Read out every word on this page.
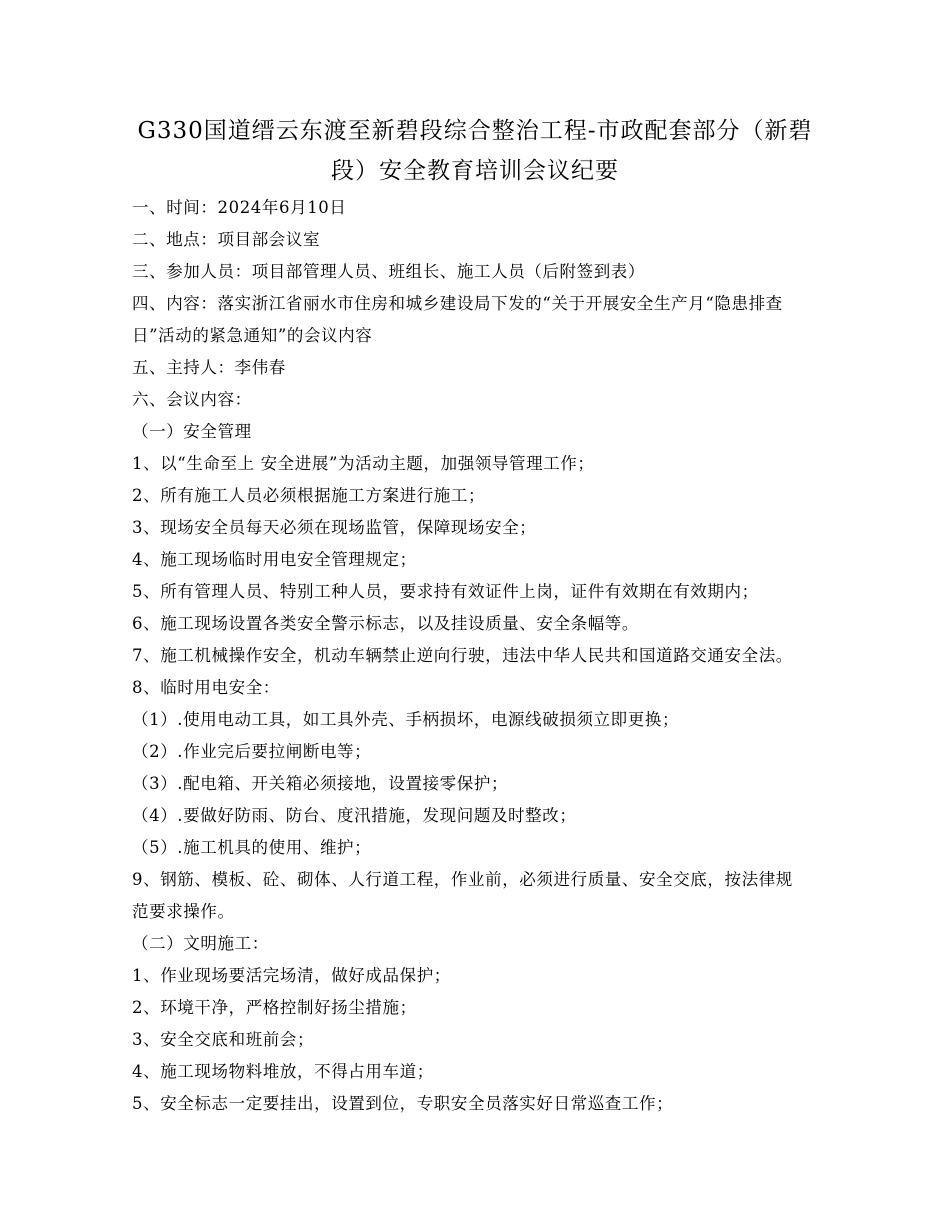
G330国道缙云东渡至新碧段综合整治工程-市政配套部分（新碧
段）安全教育培训会议纪要
一、时间：2024年6月10日
二、地点：项目部会议室
三、参加人员：项目部管理人员、班组长、施工人员（后附签到表）
四、内容：落实浙江省丽水市住房和城乡建设局下发的“关于开展安全生产月“隐患排查
日”活动的紧急通知”的会议内容
五、主持人：李伟春
六、会议内容：
（一）安全管理
1、以“生命至上 安全进展”为活动主题，加强领导管理工作；
2、所有施工人员必须根据施工方案进行施工；
3、现场安全员每天必须在现场监管，保障现场安全；
4、施工现场临时用电安全管理规定；
5、所有管理人员、特别工种人员，要求持有效证件上岗，证件有效期在有效期内；
6、施工现场设置各类安全警示标志，以及挂设质量、安全条幅等。
7、施工机械操作安全，机动车辆禁止逆向行驶，违法中华人民共和国道路交通安全法。
8、临时用电安全：
（1）.使用电动工具，如工具外壳、手柄损坏，电源线破损须立即更换；
（2）.作业完后要拉闸断电等；
（3）.配电箱、开关箱必须接地，设置接零保护；
（4）.要做好防雨、防台、度汛措施，发现问题及时整改；
（5）.施工机具的使用、维护；
9、钢筋、模板、砼、砌体、人行道工程，作业前，必须进行质量、安全交底，按法律规
范要求操作。
（二）文明施工：
1、作业现场要活完场清，做好成品保护；
2、环境干净，严格控制好扬尘措施；
3、安全交底和班前会；
4、施工现场物料堆放，不得占用车道；
5、安全标志一定要挂出，设置到位，专职安全员落实好日常巡查工作；
